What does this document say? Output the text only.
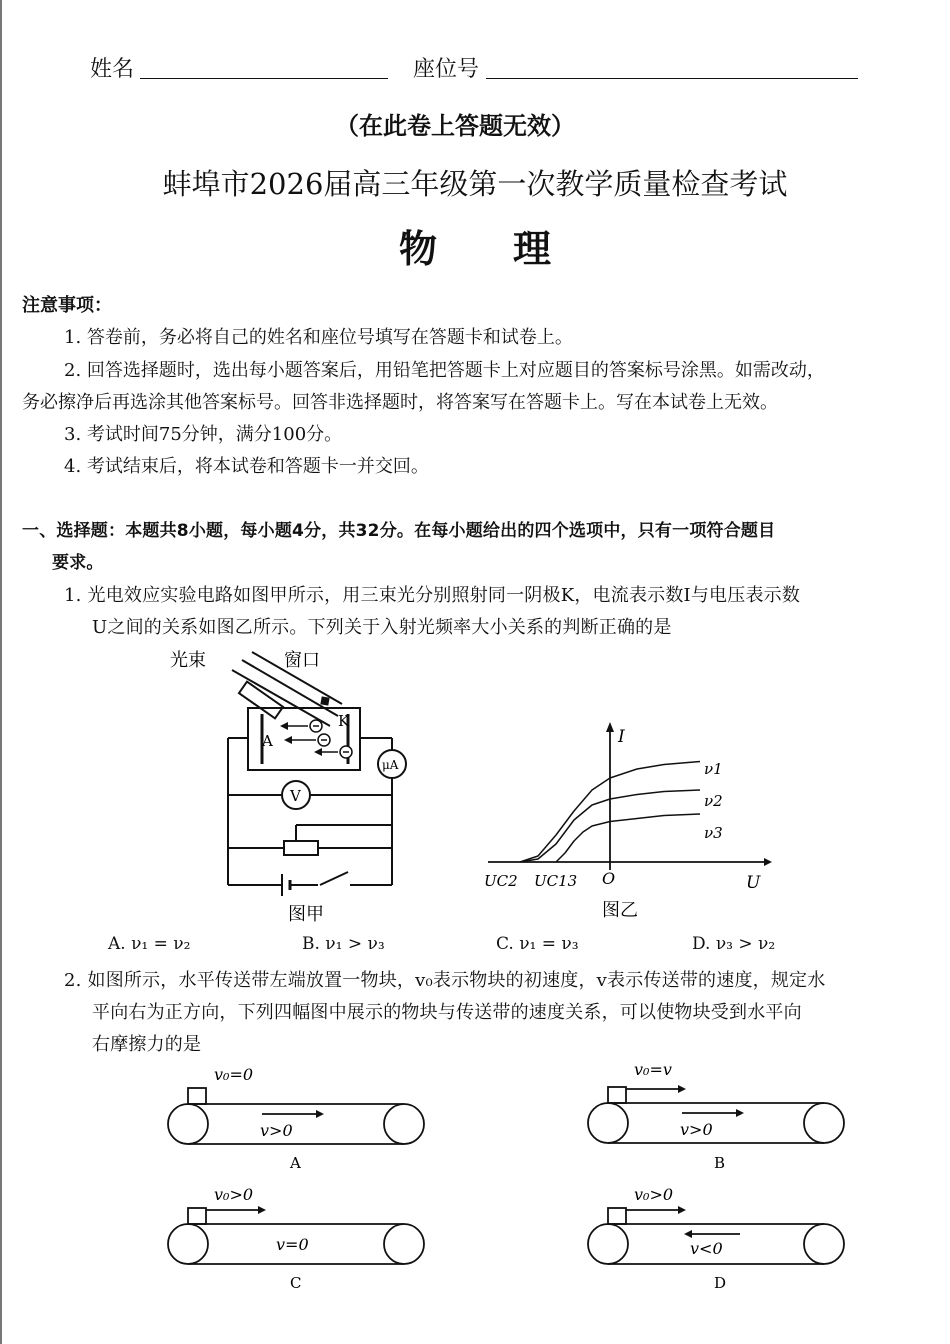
姓名	座位号
（在此卷上答题无效）
蚌埠市2026届高三年级第一次教学质量检查考试
物　　理
注意事项：
1. 答卷前，务必将自己的姓名和座位号填写在答题卡和试卷上。
2. 回答选择题时，选出每小题答案后，用铅笔把答题卡上对应题目的答案标号涂黑。如需改动，
务必擦净后再选涂其他答案标号。回答非选择题时，将答案写在答题卡上。写在本试卷上无效。
3. 考试时间75分钟，满分100分。
4. 考试结束后，将本试卷和答题卡一并交回。
一、选择题：本题共8小题，每小题4分，共32分。在每小题给出的四个选项中，只有一项符合题目
要求。
1. 光电效应实验电路如图甲所示，用三束光分别照射同一阴极K，电流表示数I与电压表示数
U之间的关系如图乙所示。下列关于入射光频率大小关系的判断正确的是
光束	窗口
A
K
V
μA
图甲
I
U
O
UC2 UC13
ν1
ν2
ν3
图乙
A. ν₁ = ν₂	B. ν₁ > ν₃	C. ν₁ = ν₃	D. ν₃ > ν₂
2. 如图所示，水平传送带左端放置一物块，v₀表示物块的初速度，v表示传送带的速度，规定水
平向右为正方向，下列四幅图中展示的物块与传送带的速度关系，可以使物块受到水平向
右摩擦力的是
v₀=0
v>0
A
v₀=v
v>0
B
v₀>0
v=0
C
v₀>0
v<0
D
